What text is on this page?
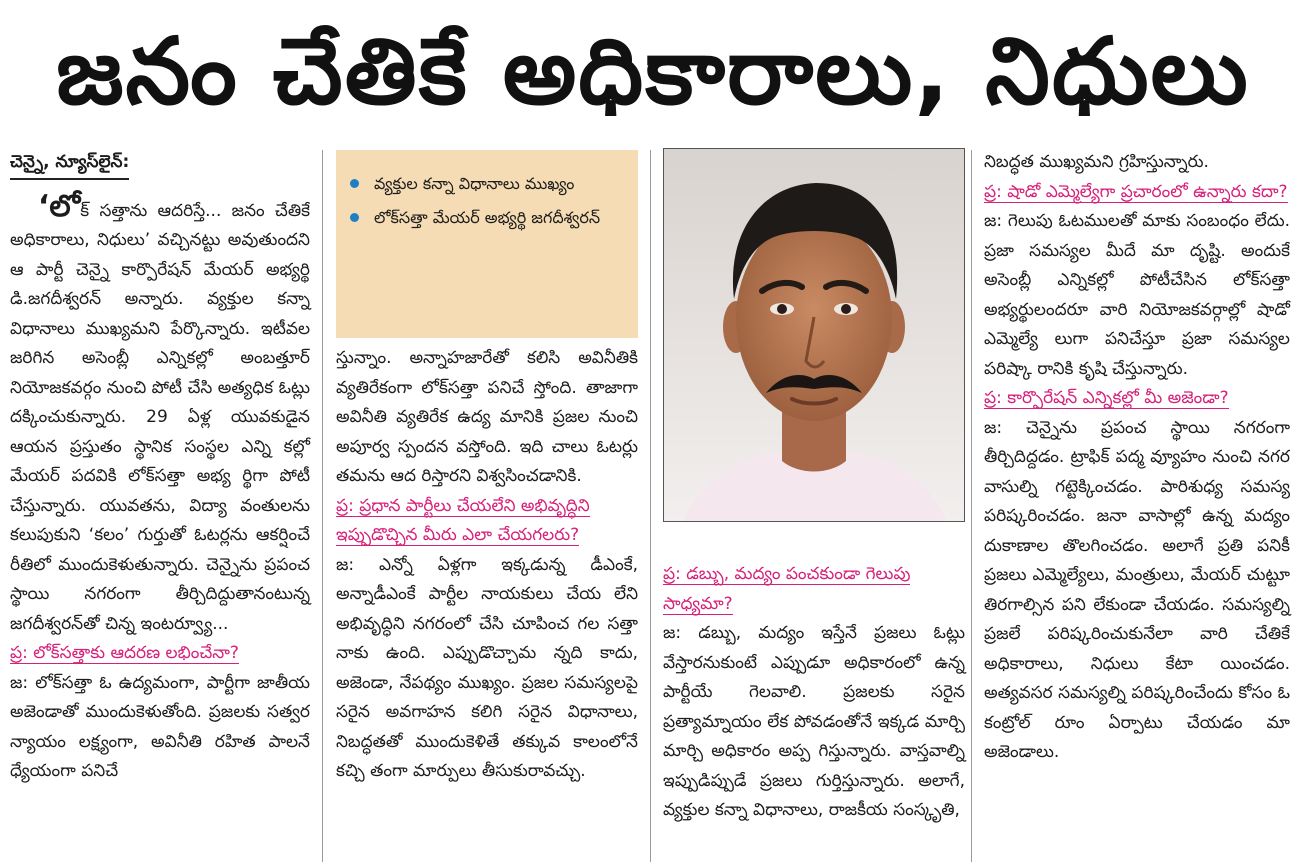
జనం చేతికే అధికారాలు, నిధులు

చెన్నై, న్యూస్‌లైన్:

‘లోక్ సత్తాను ఆదరిస్తే... జనం చేతికే అధికారాలు, నిధులు’ వచ్చినట్టు అవుతుందని ఆ పార్టీ చెన్నై కార్పొరేషన్ మేయర్ అభ్యర్థి డి.జగదీశ్వరన్ అన్నారు. వ్యక్తుల కన్నా విధానాలు ముఖ్యమని పేర్కొన్నారు. ఇటీవల జరిగిన అసెంబ్లీ ఎన్నికల్లో అంబత్తూర్ నియోజకవర్గం నుంచి పోటీ చేసి అత్యధిక ఓట్లు దక్కించుకున్నారు. 29 ఏళ్ల యువకుడైన ఆయన ప్రస్తుతం స్థానిక సంస్థల ఎన్ని కల్లో మేయర్ పదవికి లోక్‌సత్తా అభ్య ర్థిగా పోటీ చేస్తున్నారు. యువతను, విద్యా వంతులను కలుపుకుని ‘కలం’ గుర్తుతో ఓటర్లను ఆకర్షించే రీతిలో ముందుకెళుతున్నారు. చెన్నైను ప్రపంచ స్థాయి నగరంగా తీర్చిదిద్దుతానంటున్న జగదీశ్వరన్‌తో చిన్న ఇంటర్వ్యూ...

ప్ర: లోక్‌సత్తాకు ఆదరణ లభించేనా?

జ: లోక్‌సత్తా ఓ ఉద్యమంగా, పార్టీగా జాతీయ అజెండాతో ముందుకెళుతోంది. ప్రజలకు సత్వర న్యాయం లక్ష్యంగా, అవినీతి రహిత పాలనే ధ్యేయంగా పనిచే

వ్యక్తుల కన్నా విధానాలు ముఖ్యం
లోక్‌సత్తా మేయర్ అభ్యర్థి జగదీశ్వరన్

స్తున్నాం. అన్నాహజారేతో కలిసి అవినీతికి వ్యతిరేకంగా లోక్‌సత్తా పనిచే స్తోంది. తాజాగా అవినీతి వ్యతిరేక ఉద్య మానికి ప్రజల నుంచి అపూర్వ స్పందన వస్తోంది. ఇది చాలు ఓటర్లు తమను ఆద రిస్తారని విశ్వసించడానికి.

ప్ర: ప్రధాన పార్టీలు చేయలేని అభివృద్ధిని ఇప్పుడొచ్చిన మీరు ఎలా చేయగలరు?

జ: ఎన్నో ఏళ్లగా ఇక్కడున్న డీఎంకే, అన్నాడీఎంకే పార్టీల నాయకులు చేయ లేని అభివృద్ధిని నగరంలో చేసి చూపించ గల సత్తా నాకు ఉంది. ఎప్పుడొచ్చామ న్నది కాదు, అజెండా, నేపథ్యం ముఖ్యం. ప్రజల సమస్యలపై సరైన అవగాహన కలిగి సరైన విధానాలు, నిబద్ధతతో ముందుకెళితే తక్కువ కాలంలోనే కచ్చి తంగా మార్పులు తీసుకురావచ్చు.

ప్ర: డబ్బు, మద్యం పంచకుండా గెలుపు సాధ్యమా?

జ: డబ్బు, మద్యం ఇస్తేనే ప్రజలు ఓట్లు వేస్తారనుకుంటే ఎప్పుడూ అధికారంలో ఉన్న పార్టీయే గెలవాలి. ప్రజలకు సరైన ప్రత్యామ్నాయం లేక పోవడంతోనే ఇక్కడ మార్చి మార్చి అధికారం అప్ప గిస్తున్నారు. వాస్తవాల్ని ఇప్పుడిప్పుడే ప్రజలు గుర్తిస్తున్నారు. అలాగే, వ్యక్తుల కన్నా విధానాలు, రాజకీయ సంస్కృతి,

నిబద్ధత ముఖ్యమని గ్రహిస్తున్నారు.

ప్ర: షాడో ఎమ్మెల్యేగా ప్రచారంలో ఉన్నారు కదా?

జ: గెలుపు ఓటములతో మాకు సంబంధం లేదు. ప్రజా సమస్యల మీదే మా దృష్టి. అందుకే అసెంబ్లీ ఎన్నికల్లో పోటీచేసిన లోక్‌సత్తా అభ్యర్థులందరూ వారి నియోజకవర్గాల్లో షాడో ఎమ్మెల్యే లుగా పనిచేస్తూ ప్రజా సమస్యల పరిష్కా రానికి కృషి చేస్తున్నారు.

ప్ర: కార్పొరేషన్ ఎన్నికల్లో మీ అజెండా?

జ: చెన్నైను ప్రపంచ స్థాయి నగరంగా తీర్చిదిద్దడం. ట్రాఫిక్ పద్మ వ్యూహం నుంచి నగర వాసుల్ని గట్టెక్కించడం. పారిశుధ్య సమస్య పరిష్కరించడం. జనా వాసాల్లో ఉన్న మద్యం దుకాణాల తొలగించడం. అలాగే ప్రతి పనికీ ప్రజలు ఎమ్మెల్యేలు, మంత్రులు, మేయర్ చుట్టూ తిరగాల్సిన పని లేకుండా చేయడం. సమస్యల్ని ప్రజలే పరిష్కరించుకునేలా వారి చేతికే అధికారాలు, నిధులు కేటా యించడం. అత్యవసర సమస్యల్ని పరిష్కరించేందు కోసం ఓ కంట్రోల్ రూం ఏర్పాటు చేయడం మా అజెండాలు.
